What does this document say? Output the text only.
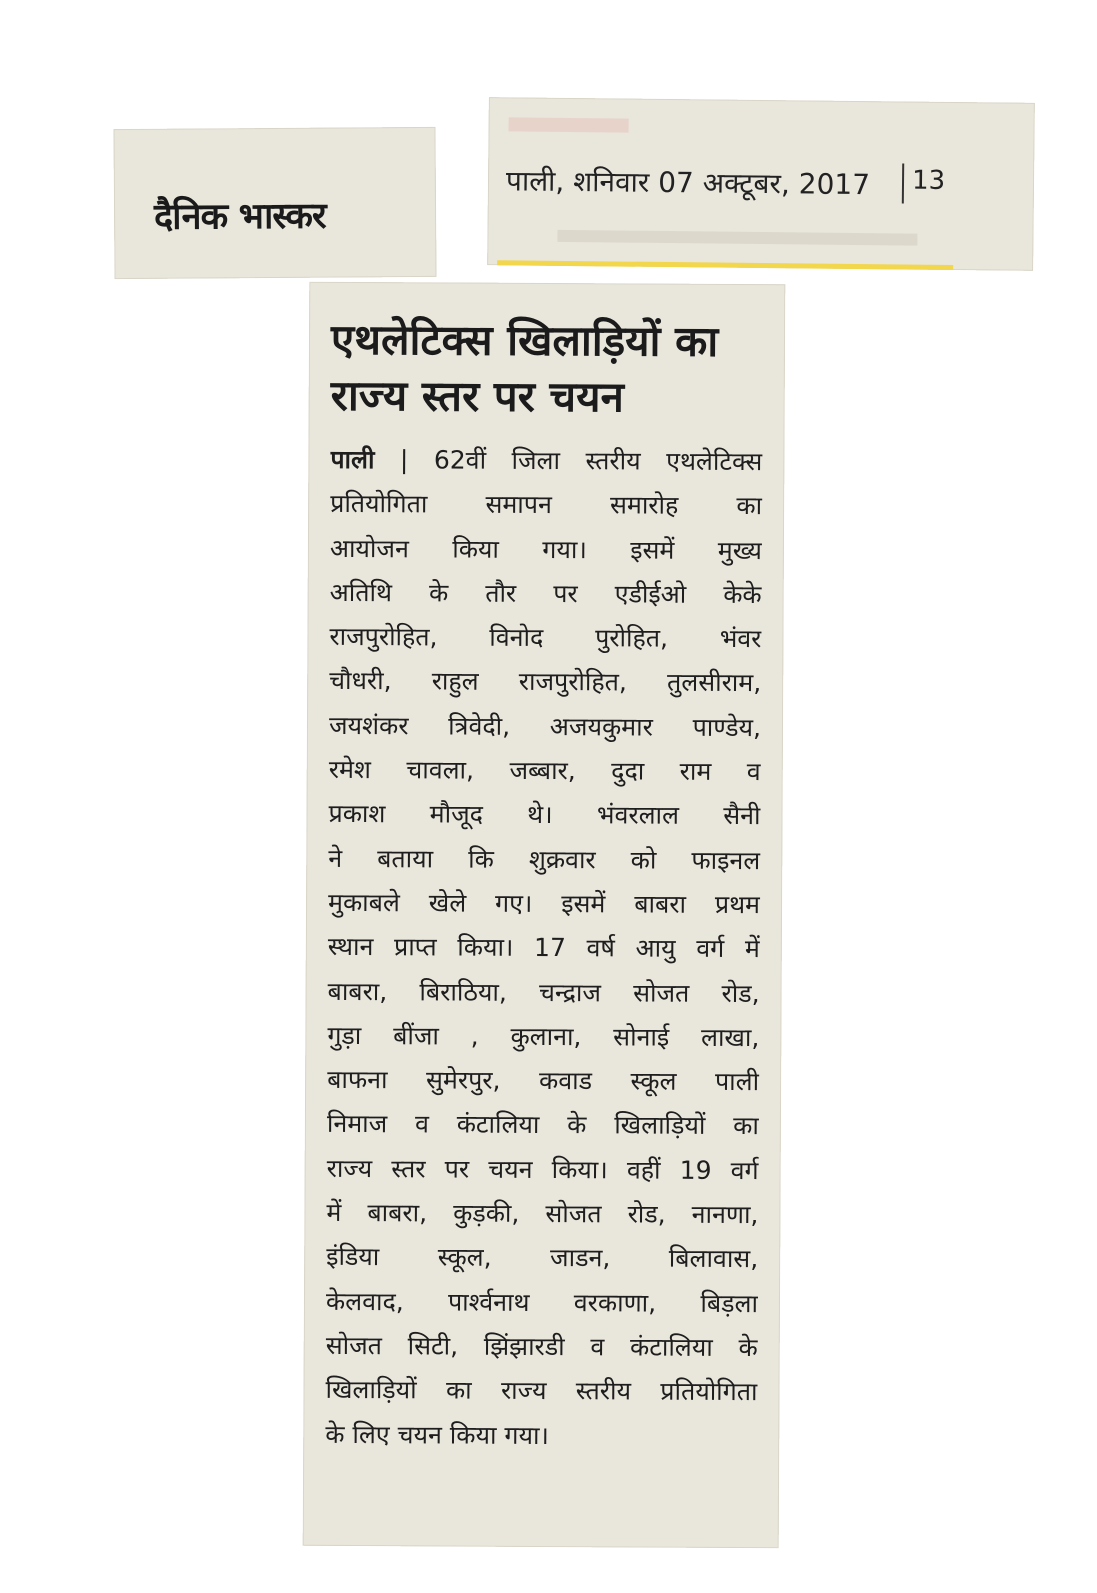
दैनिक भास्कर
पाली, शनिवार 07 अक्टूबर, 2017 13
एथलेटिक्स खिलाड़ियों का
राज्य स्तर पर चयन
पाली | 62वीं जिला स्तरीय एथलेटिक्स
प्रतियोगिता समापन समारोह का
आयोजन किया गया। इसमें मुख्य
अतिथि के तौर पर एडीईओ केके
राजपुरोहित, विनोद पुरोहित, भंवर
चौधरी, राहुल राजपुरोहित, तुलसीराम,
जयशंकर त्रिवेदी, अजयकुमार पाण्डेय,
रमेश चावला, जब्बार, दुदा राम व
प्रकाश मौजूद थे। भंवरलाल सैनी
ने बताया कि शुक्रवार को फाइनल
मुकाबले खेले गए। इसमें बाबरा प्रथम
स्थान प्राप्त किया। 17 वर्ष आयु वर्ग में
बाबरा, बिराठिया, चन्द्राज सोजत रोड,
गुड़ा बींजा , कुलाना, सोनाई लाखा,
बाफना सुमेरपुर, कवाड स्कूल पाली
निमाज व कंटालिया के खिलाड़ियों का
राज्य स्तर पर चयन किया। वहीं 19 वर्ग
में बाबरा, कुड़की, सोजत रोड, नानणा,
इंडिया स्कूल, जाडन, बिलावास,
केलवाद, पार्श्वनाथ वरकाणा, बिड़ला
सोजत सिटी, झिंझारडी व कंटालिया के
खिलाड़ियों का राज्य स्तरीय प्रतियोगिता
के लिए चयन किया गया।
